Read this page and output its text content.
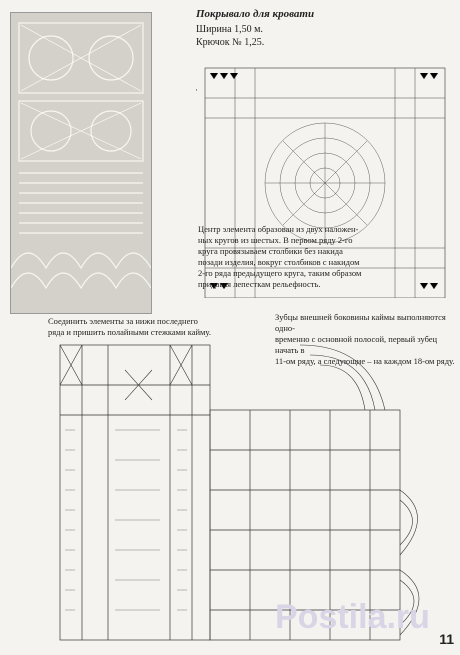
Покрывало для кровати
Ширина 1,50 м.
Крючок № 1,25.
·
Центр элемента образован из двух наложен-
ных кругов из шестых. В первом ряду 2-го
круга провязываем столбики без накида
позади изделия, вокруг столбиков с накидом
2-го ряда предыдущего круга, таким образом
придавая лепесткам рельефность.
Соединить элементы за нижи последнего
ряда и пришить полайными стежками кайму.
Зубцы внешней боковины каймы выполняются одно-
временно с основной полосой, первый зубец начать в
11-ом ряду, а следующие – на каждом 18-ом ряду.
Postila.ru
11
